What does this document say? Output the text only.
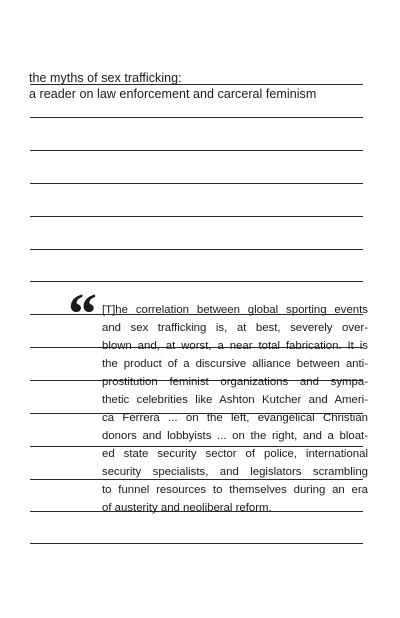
the myths of sex trafficking:
a reader on law enforcement and carceral feminism
“ [T]he correlation between global sporting events
and sex trafficking is, at best, severely over-
blown and, at worst, a near total fabrication. It is
the product of a discursive alliance between anti-
prostitution feminist organizations and sympa-
thetic celebrities like Ashton Kutcher and Ameri-
ca Ferrera ... on the left, evangelical Christian
donors and lobbyists ... on the right, and a bloat-
ed state security sector of police, international
security specialists, and legislators scrambling
to funnel resources to themselves during an era
of austerity and neoliberal reform.
